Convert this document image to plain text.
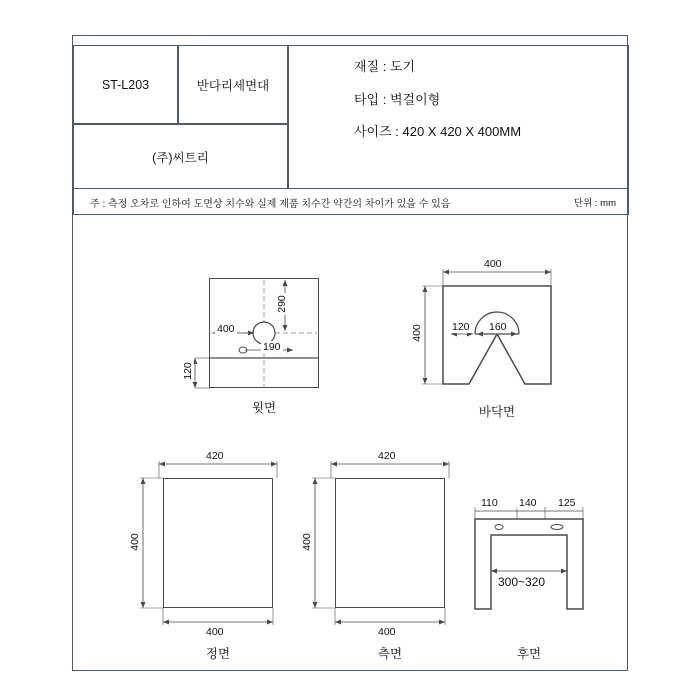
ST-L203	반다리세면대
(주)씨트리
재질 : 도기
타입 : 벽걸이형
사이즈 : 420 X 420 X 400MM
주 : 측정 오차로 인하여 도면상 치수와 실제 제품 치수간 약간의 차이가 있을 수 있음	단위 : mm
290
400
190
120
윗면
400
400	120 160
바닥면
420
400
400
정면
420
400
400
측면
110 140 125
300~320
후면
